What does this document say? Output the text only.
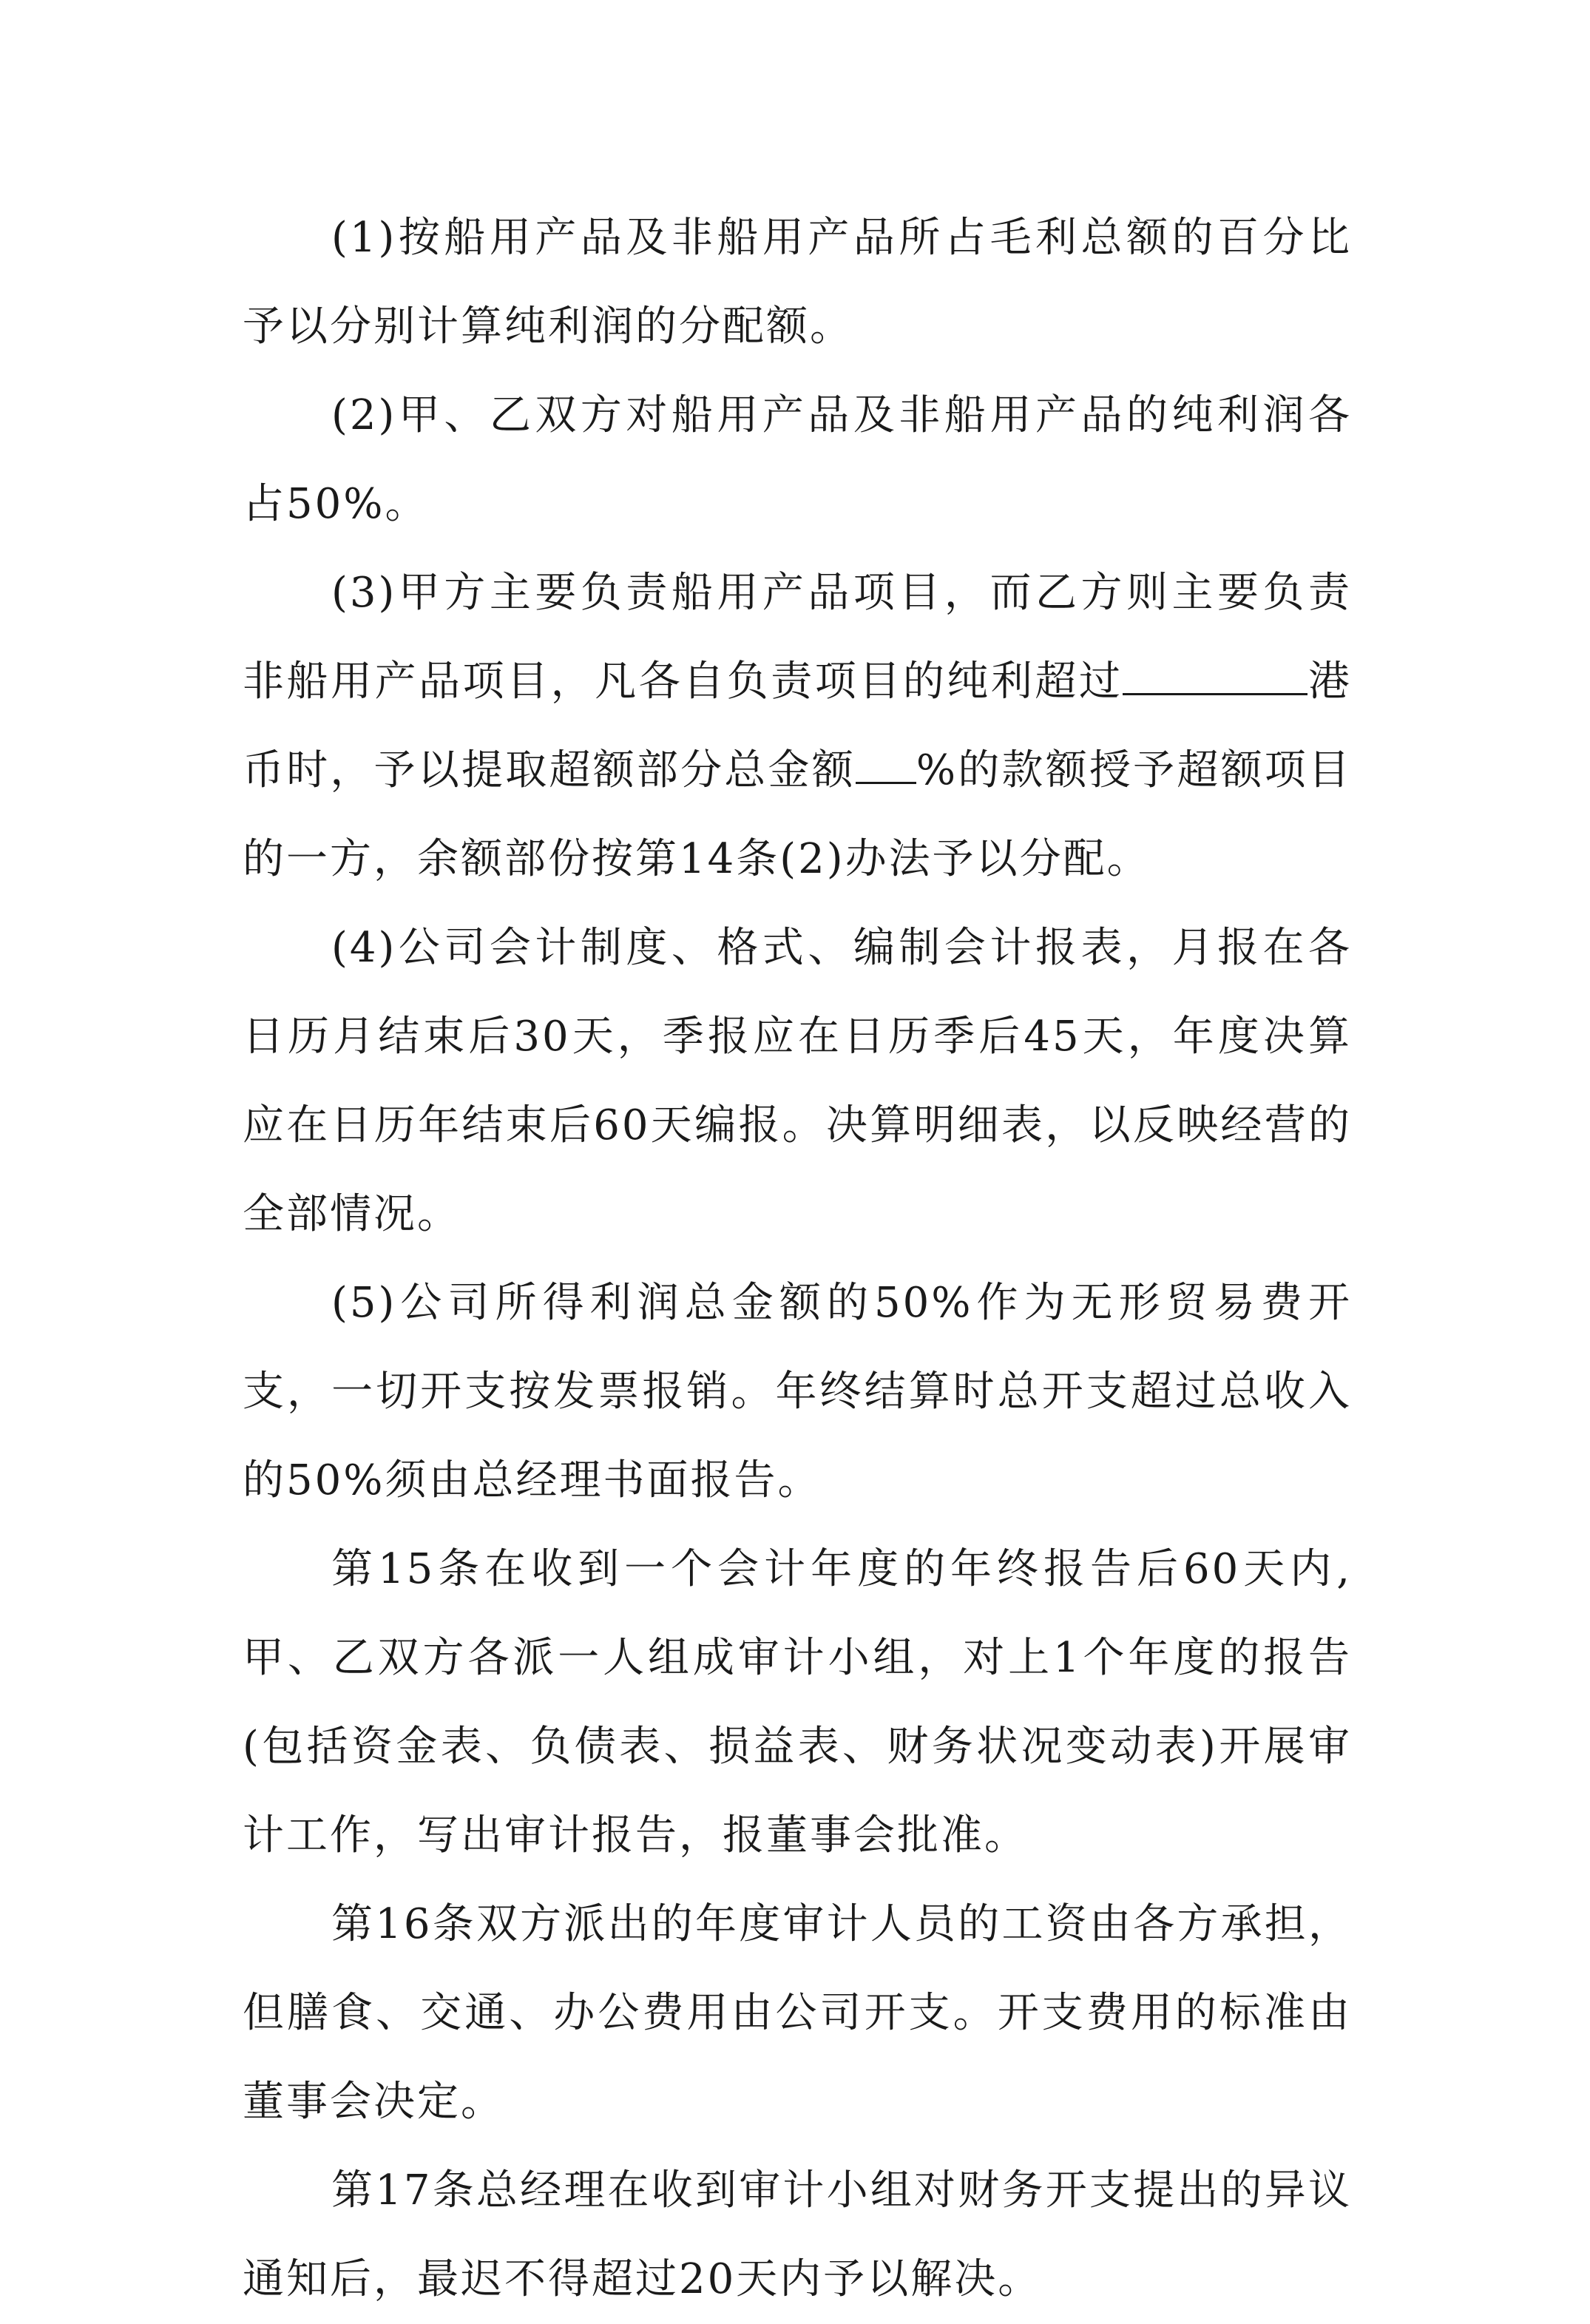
(1)按船用产品及非船用产品所占毛利总额的百分比予以分别计算纯利润的分配额。

(2)甲、乙双方对船用产品及非船用产品的纯利润各占50%。

(3)甲方主要负责船用产品项目，而乙方则主要负责非船用产品项目，凡各自负责项目的纯利超过	港币时，予以提取超额部分总金额 %的款额授予超额项目的一方，余额部份按第14条(2)办法予以分配。

(4)公司会计制度、格式、编制会计报表，月报在各日历月结束后30天，季报应在日历季后45天，年度决算应在日历年结束后60天编报。决算明细表，以反映经营的全部情况。

(5)公司所得利润总金额的50%作为无形贸易费开支，一切开支按发票报销。年终结算时总开支超过总收入的50%须由总经理书面报告。

第15条在收到一个会计年度的年终报告后60天内,甲、乙双方各派一人组成审计小组，对上1个年度的报告(包括资金表、负债表、损益表、财务状况变动表)开展审计工作，写出审计报告，报董事会批准。

第16条双方派出的年度审计人员的工资由各方承担，但膳食、交通、办公费用由公司开支。开支费用的标准由董事会决定。

第17条总经理在收到审计小组对财务开支提出的异议通知后，最迟不得超过20天内予以解决。
